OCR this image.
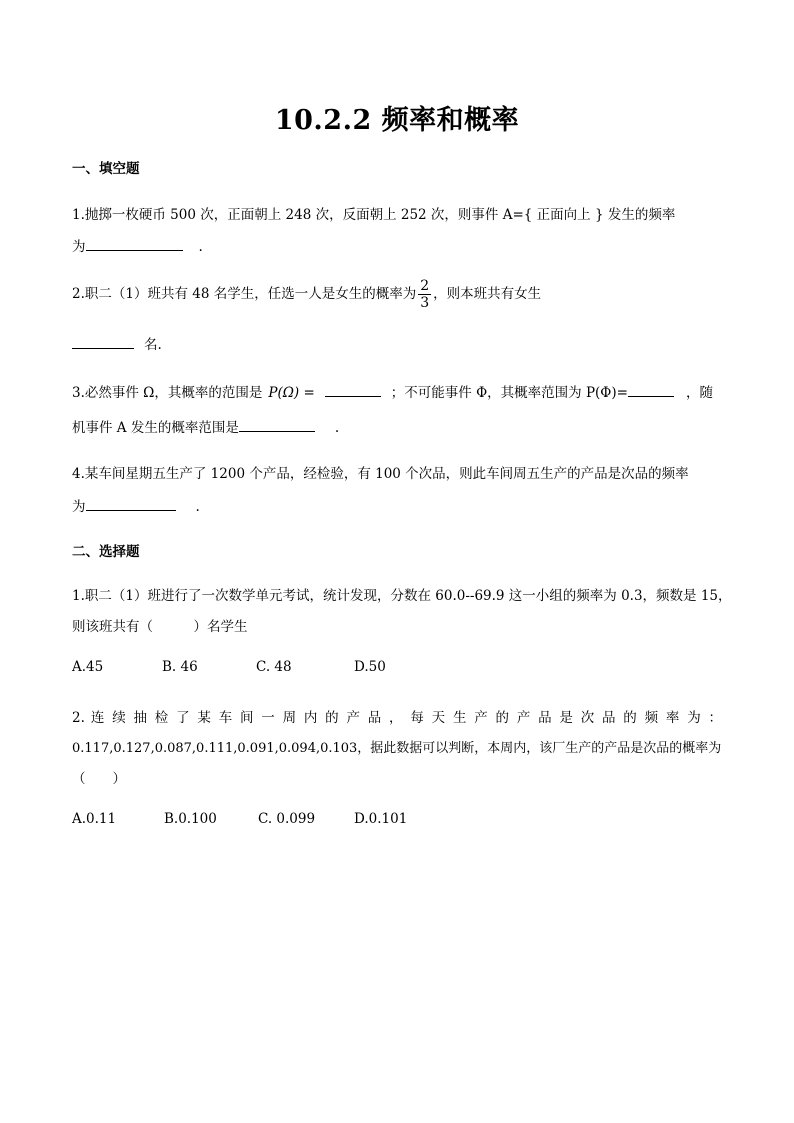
10.2.2 频率和概率
一、填空题
1.抛掷一枚硬币 500 次，正面朝上 248 次，反面朝上 252 次，则事件 A={ 正面向上 } 发生的频率
为	.
2.职二（1）班共有 48 名学生，任选一人是女生的概率为 $\frac{2}{3}$ ，则本班共有女生
名.
3.必然事件 Ω，其概率的范围是 P(Ω) =	；不可能事件 Φ，其概率范围为 P(Φ)=	，随
机事件 A 发生的概率范围是	.
4.某车间星期五生产了 1200 个产品，经检验，有 100 个次品，则此车间周五生产的产品是次品的频率
为	.
二、选择题
1.职二（1）班进行了一次数学单元考试，统计发现，分数在 60.0--69.9 这一小组的频率为 0.3，频数是 15，
则该班共有（　　　）名学生
A.45	B. 46	C. 48	D.50
2. 连 续 抽 检 了 某 车 间 一 周 内 的 产 品 ， 每 天 生 产 的 产 品 是 次 品 的 频 率 为 ：
0.117,0.127,0.087,0.111,0.091,0.094,0.103，据此数据可以判断，本周内，该厂生产的产品是次品的概率为
（　　）
A.0.11	B.0.100	C. 0.099	D.0.101
